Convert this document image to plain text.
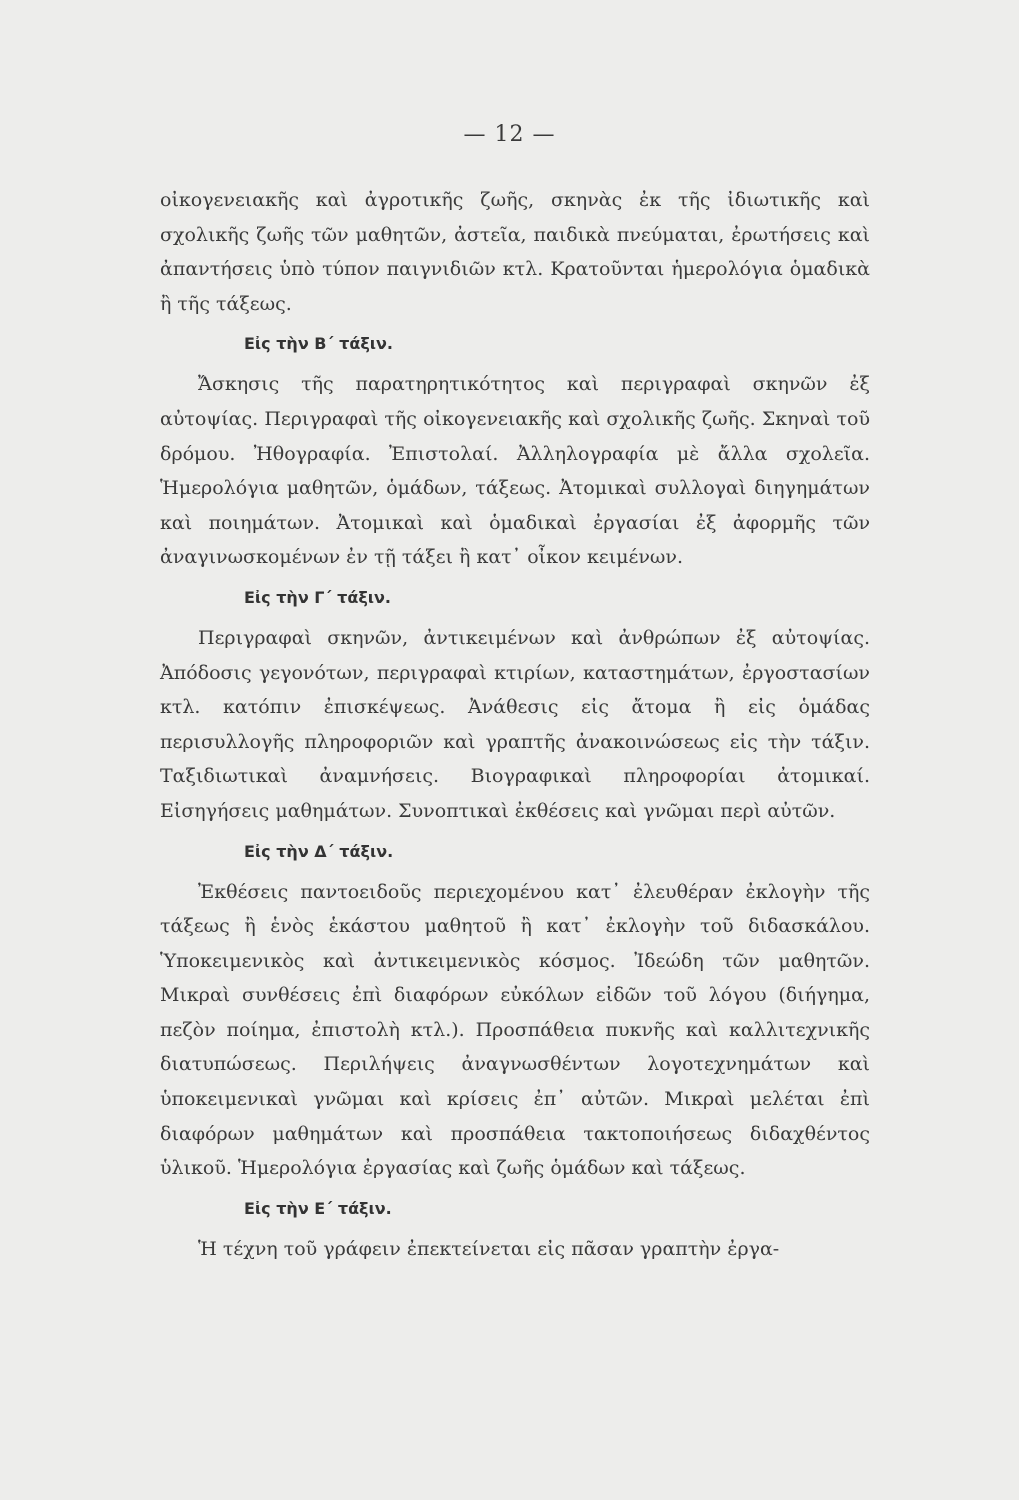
— 12 —

οἰκογενειακῆς καὶ ἀγροτικῆς ζωῆς, σκηνὰς ἐκ τῆς ἰδιωτικῆς καὶ σχολικῆς ζωῆς τῶν μαθητῶν, ἀστεῖα, παιδικὰ πνεύμαται, ἐρωτήσεις καὶ ἀπαντήσεις ὑπὸ τύπον παιγνιδιῶν κτλ. Κρατοῦνται ἡμερολόγια ὁμαδικὰ ἢ τῆς τάξεως.

Εἰς τὴν Β΄ τάξιν.

Ἄσκησις τῆς παρατηρητικότητος καὶ περιγραφαὶ σκηνῶν ἐξ αὐτοψίας. Περιγραφαὶ τῆς οἰκογενειακῆς καὶ σχολικῆς ζωῆς. Σκηναὶ τοῦ δρόμου. Ἠθογραφία. Ἐπιστολαί. Ἀλληλογραφία μὲ ἄλλα σχολεῖα. Ἡμερολόγια μαθητῶν, ὁμάδων, τάξεως. Ἀτομικαὶ συλλογαὶ διηγημάτων καὶ ποιημάτων. Ἀτομικαὶ καὶ ὁμαδικαὶ ἐργασίαι ἐξ ἀφορμῆς τῶν ἀναγινωσκομένων ἐν τῇ τάξει ἢ κατ᾽ οἶκον κειμένων.

Εἰς τὴν Γ΄ τάξιν.

Περιγραφαὶ σκηνῶν, ἀντικειμένων καὶ ἀνθρώπων ἐξ αὐτοψίας. Ἀπόδοσις γεγονότων, περιγραφαὶ κτιρίων, καταστημάτων, ἐργοστασίων κτλ. κατόπιν ἐπισκέψεως. Ἀνάθεσις εἰς ἄτομα ἢ εἰς ὁμάδας περισυλλογῆς πληροφοριῶν καὶ γραπτῆς ἀνακοινώσεως εἰς τὴν τάξιν. Ταξιδιωτικαὶ ἀναμνήσεις. Βιογραφικαὶ πληροφορίαι ἀτομικαί. Εἰσηγήσεις μαθημάτων. Συνοπτικαὶ ἐκθέσεις καὶ γνῶμαι περὶ αὐτῶν.

Εἰς τὴν Δ΄ τάξιν.

Ἐκθέσεις παντοειδοῦς περιεχομένου κατ᾽ ἐλευθέραν ἐκλογὴν τῆς τάξεως ἢ ἑνὸς ἑκάστου μαθητοῦ ἢ κατ᾽ ἐκλογὴν τοῦ διδασκάλου. Ὑποκειμενικὸς καὶ ἀντικειμενικὸς κόσμος. Ἰδεώδη τῶν μαθητῶν. Μικραὶ συνθέσεις ἐπὶ διαφόρων εὐκόλων εἰδῶν τοῦ λόγου (διήγημα, πεζὸν ποίημα, ἐπιστολὴ κτλ.). Προσπάθεια πυκνῆς καὶ καλλιτεχνικῆς διατυπώσεως. Περιλήψεις ἀναγνωσθέντων λογοτεχνημάτων καὶ ὑποκειμενικαὶ γνῶμαι καὶ κρίσεις ἐπ᾽ αὐτῶν. Μικραὶ μελέται ἐπὶ διαφόρων μαθημάτων καὶ προσπάθεια τακτοποιήσεως διδαχθέντος ὑλικοῦ. Ἡμερολόγια ἐργασίας καὶ ζωῆς ὁμάδων καὶ τάξεως.

Εἰς τὴν Ε΄ τάξιν.

Ἡ τέχνη τοῦ γράφειν ἐπεκτείνεται εἰς πᾶσαν γραπτὴν ἐργα-
